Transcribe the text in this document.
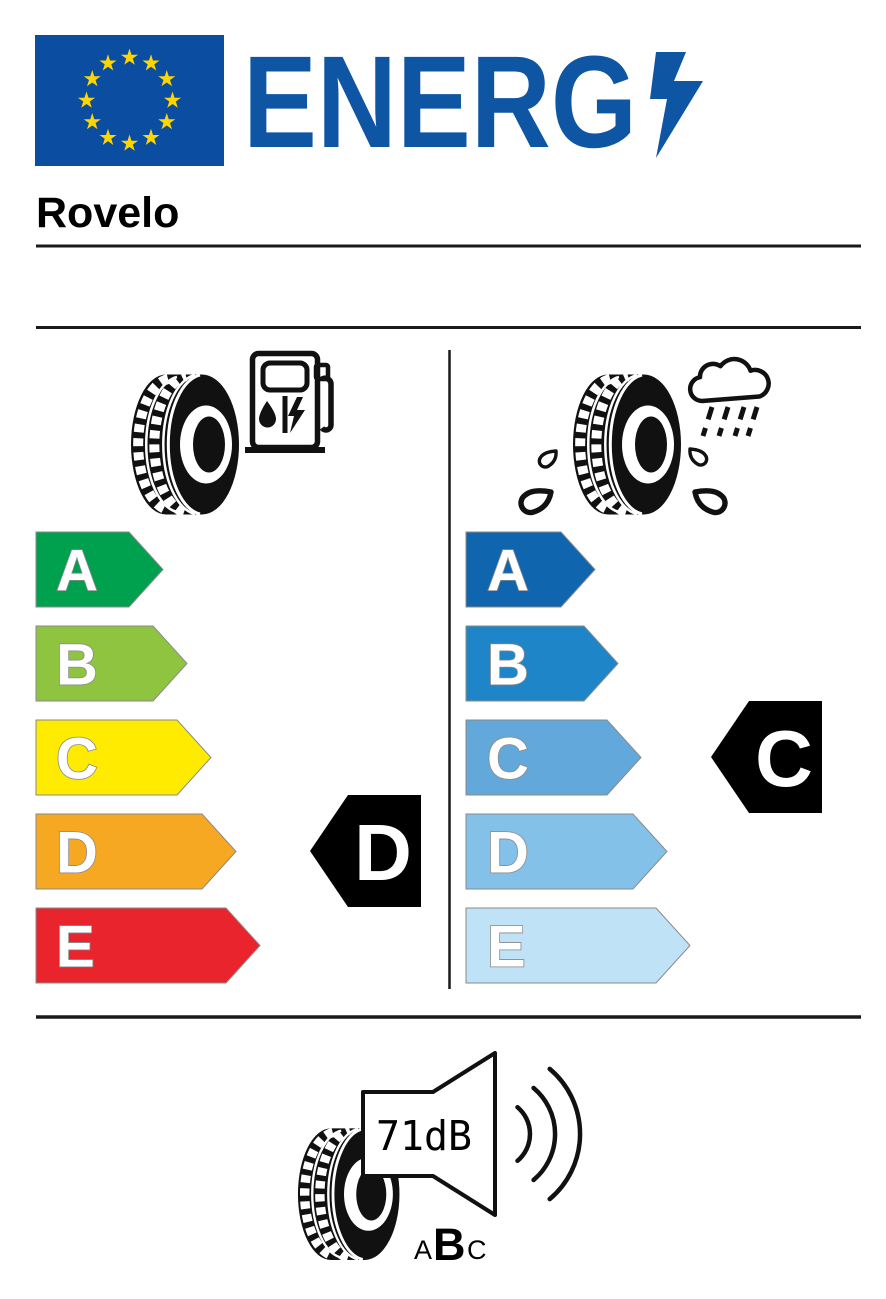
ENERG
Rovelo
A
B
C
D
E
D
A
B
C
D
E
C
71dB
A B C
